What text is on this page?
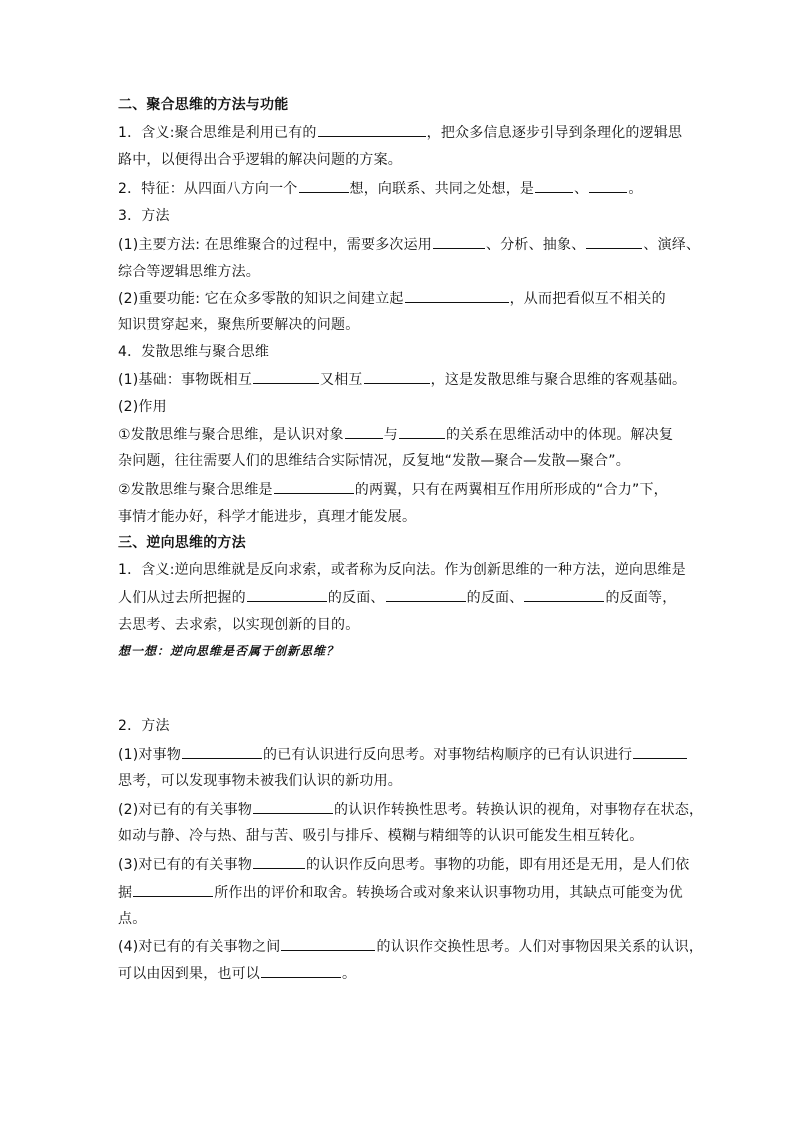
二、聚合思维的方法与功能
1．含义:聚合思维是利用已有的	，把众多信息逐步引导到条理化的逻辑思
路中，以便得出合乎逻辑的解决问题的方案。
2．特征：从四面八方向一个	想，向联系、共同之处想，是	、	。
3．方法
(1)主要方法: 在思维聚合的过程中，需要多次运用	、分析、抽象、	、演绎、
综合等逻辑思维方法。
(2)重要功能: 它在众多零散的知识之间建立起	，从而把看似互不相关的
知识贯穿起来，聚焦所要解决的问题。
4．发散思维与聚合思维
(1)基础：事物既相互	又相互	，这是发散思维与聚合思维的客观基础。
(2)作用
①发散思维与聚合思维，是认识对象	与	的关系在思维活动中的体现。解决复
杂问题，往往需要人们的思维结合实际情况，反复地“发散—聚合—发散—聚合”。
②发散思维与聚合思维是	的两翼，只有在两翼相互作用所形成的“合力”下，
事情才能办好，科学才能进步，真理才能发展。
三、逆向思维的方法
1．含义:逆向思维就是反向求索，或者称为反向法。作为创新思维的一种方法，逆向思维是
人们从过去所把握的	的反面、	的反面、	的反面等，
去思考、去求索，以实现创新的目的。
想一想：逆向思维是否属于创新思维？
2．方法
(1)对事物	的已有认识进行反向思考。对事物结构顺序的已有认识进行
思考，可以发现事物未被我们认识的新功用。
(2)对已有的有关事物	的认识作转换性思考。转换认识的视角，对事物存在状态，
如动与静、冷与热、甜与苦、吸引与排斥、模糊与精细等的认识可能发生相互转化。
(3)对已有的有关事物	的认识作反向思考。事物的功能，即有用还是无用，是人们依
据	所作出的评价和取舍。转换场合或对象来认识事物功用，其缺点可能变为优
点。
(4)对已有的有关事物之间	的认识作交换性思考。人们对事物因果关系的认识，
可以由因到果，也可以	。
